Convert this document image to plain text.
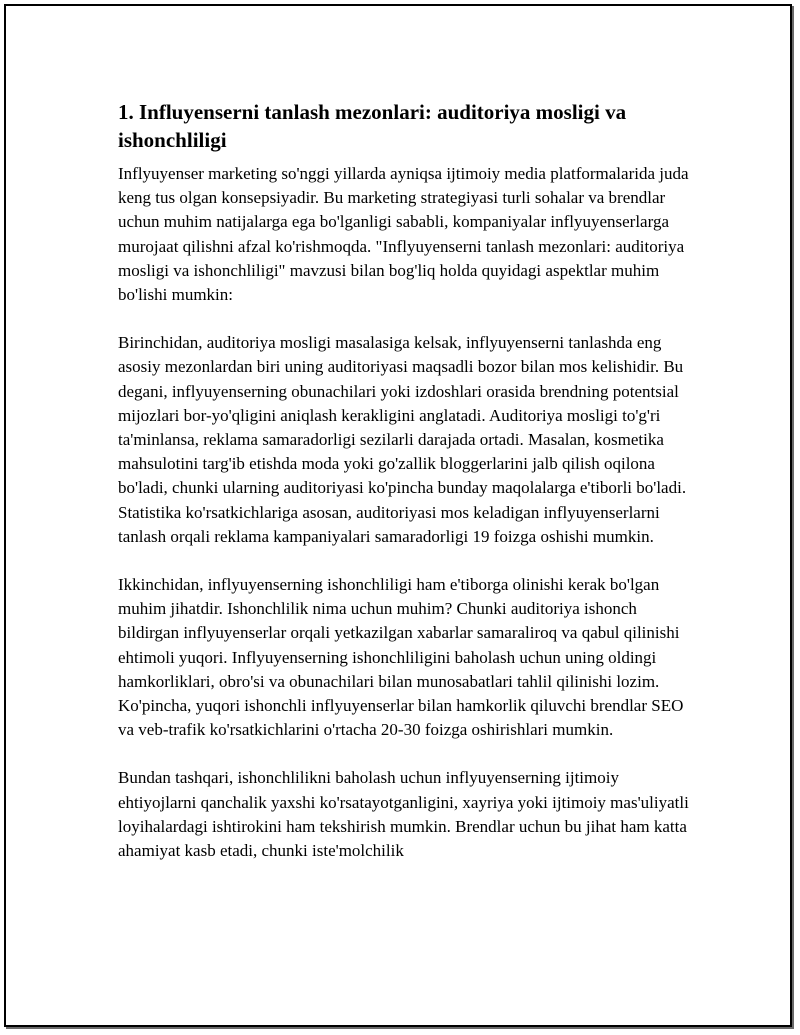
1. Influyenserni tanlash mezonlari: auditoriya mosligi va ishonchliligi

Inflyuyenser marketing so'nggi yillarda ayniqsa ijtimoiy media platformalarida juda keng tus olgan konsepsiyadir. Bu marketing strategiyasi turli sohalar va brendlar uchun muhim natijalarga ega bo'lganligi sababli, kompaniyalar inflyuyenserlarga murojaat qilishni afzal ko'rishmoqda. "Inflyuyenserni tanlash mezonlari: auditoriya mosligi va ishonchliligi" mavzusi bilan bog'liq holda quyidagi aspektlar muhim bo'lishi mumkin:

Birinchidan, auditoriya mosligi masalasiga kelsak, inflyuyenserni tanlashda eng asosiy mezonlardan biri uning auditoriyasi maqsadli bozor bilan mos kelishidir. Bu degani, inflyuyenserning obunachilari yoki izdoshlari orasida brendning potentsial mijozlari bor-yo'qligini aniqlash kerakligini anglatadi. Auditoriya mosligi to'g'ri ta'minlansa, reklama samaradorligi sezilarli darajada ortadi. Masalan, kosmetika mahsulotini targ'ib etishda moda yoki go'zallik bloggerlarini jalb qilish oqilona bo'ladi, chunki ularning auditoriyasi ko'pincha bunday maqolalarga e'tiborli bo'ladi. Statistika ko'rsatkichlariga asosan, auditoriyasi mos keladigan inflyuyenserlarni tanlash orqali reklama kampaniyalari samaradorligi 19 foizga oshishi mumkin.

Ikkinchidan, inflyuyenserning ishonchliligi ham e'tiborga olinishi kerak bo'lgan muhim jihatdir. Ishonchlilik nima uchun muhim? Chunki auditoriya ishonch bildirgan inflyuyenserlar orqali yetkazilgan xabarlar samaraliroq va qabul qilinishi ehtimoli yuqori. Inflyuyenserning ishonchliligini baholash uchun uning oldingi hamkorliklari, obro'si va obunachilari bilan munosabatlari tahlil qilinishi lozim. Ko'pincha, yuqori ishonchli inflyuyenserlar bilan hamkorlik qiluvchi brendlar SEO va veb-trafik ko'rsatkichlarini o'rtacha 20-30 foizga oshirishlari mumkin.

Bundan tashqari, ishonchlilikni baholash uchun inflyuyenserning ijtimoiy ehtiyojlarni qanchalik yaxshi ko'rsatayotganligini, xayriya yoki ijtimoiy mas'uliyatli loyihalardagi ishtirokini ham tekshirish mumkin. Brendlar uchun bu jihat ham katta ahamiyat kasb etadi, chunki iste'molchilik
